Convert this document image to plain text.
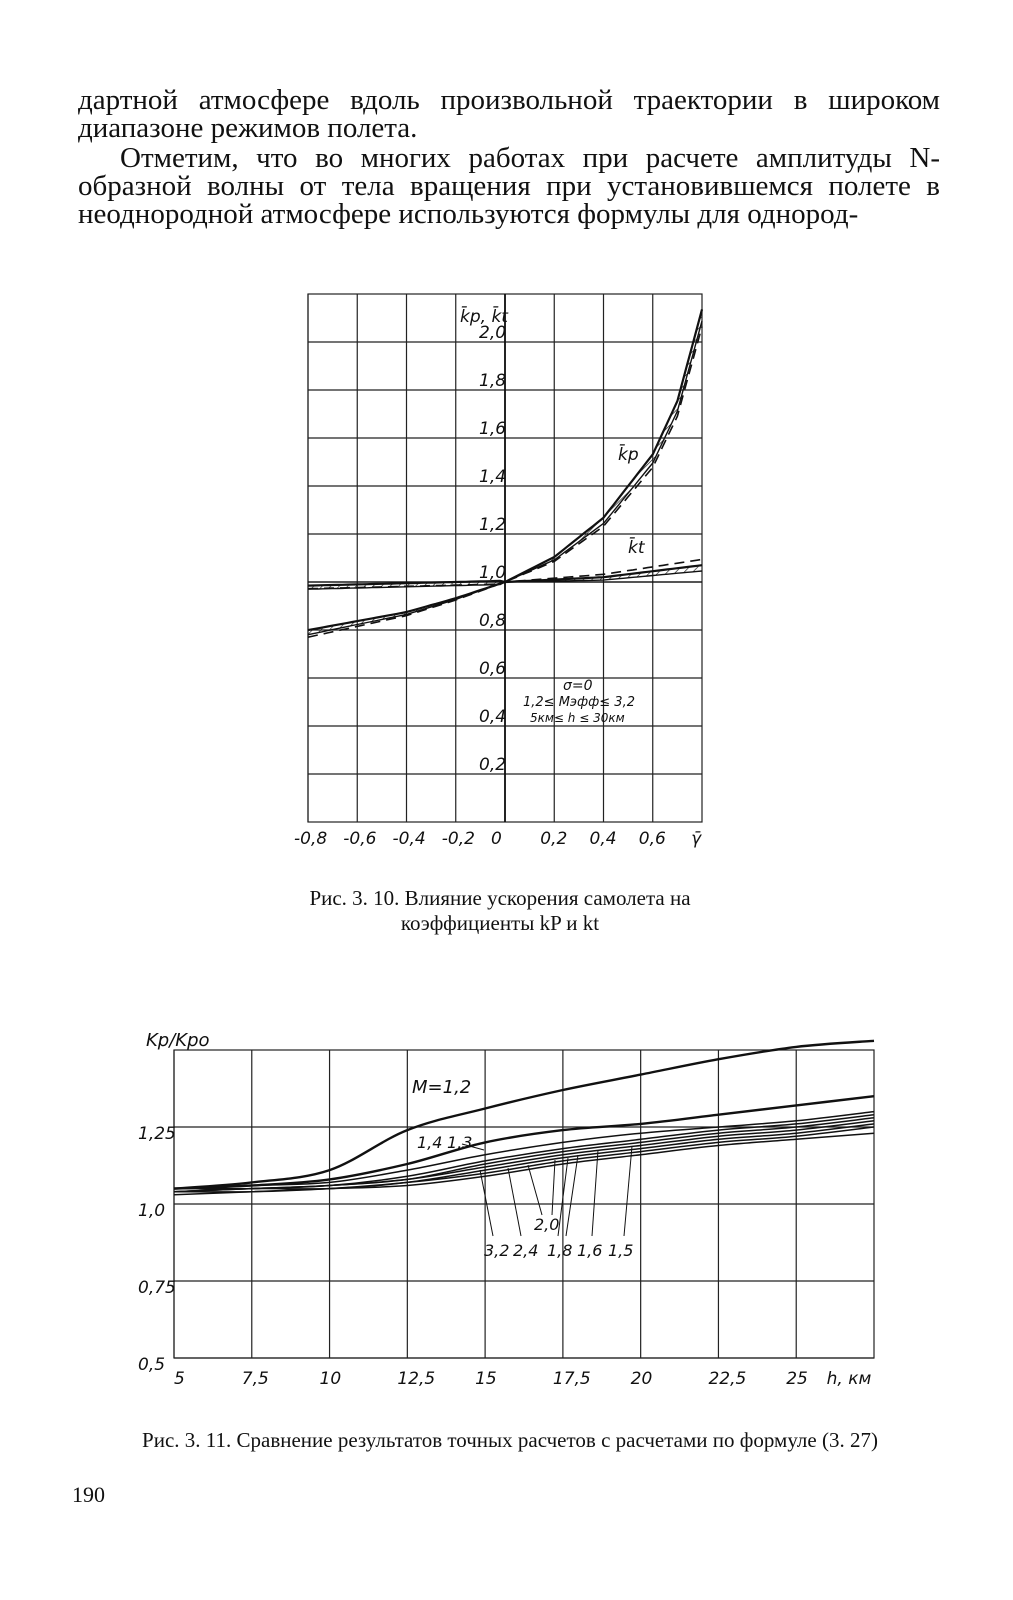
дартной атмосфере вдоль произвольной траектории в широком диапазоне режимов полета.

Отметим, что во многих работах при расчете амплитуды N-образной волны от тела вращения при установившемся полете в неоднородной атмосфере используются формулы для однород-

k̄p, k̄t
k̄p
k̄t
σ=0
1,2≤ Mэфф≤ 3,2
5км≤ h ≤ 30км
0,2
0,4
0,6
0,8
1,0
1,2
1,4
1,6
1,8
2,0
-0,8 -0,6 -0,4 -0,2 0 0,2 0,4 0,6 γ̄
Kp/Kpo
M=1,2
1,4 1,3
2,0
3,2 2,4 1,8 1,6 1,5
0,5
0,75
1,0
1,25
5	7,5	10	12,5 15	17,5 20	22,5 25 h, км

Рис. 3. 10. Влияние ускорения самолета на коэффициенты kP и kt

Рис. 3. 11. Сравнение результатов точных расчетов с расчетами по формуле (3. 27)

190
